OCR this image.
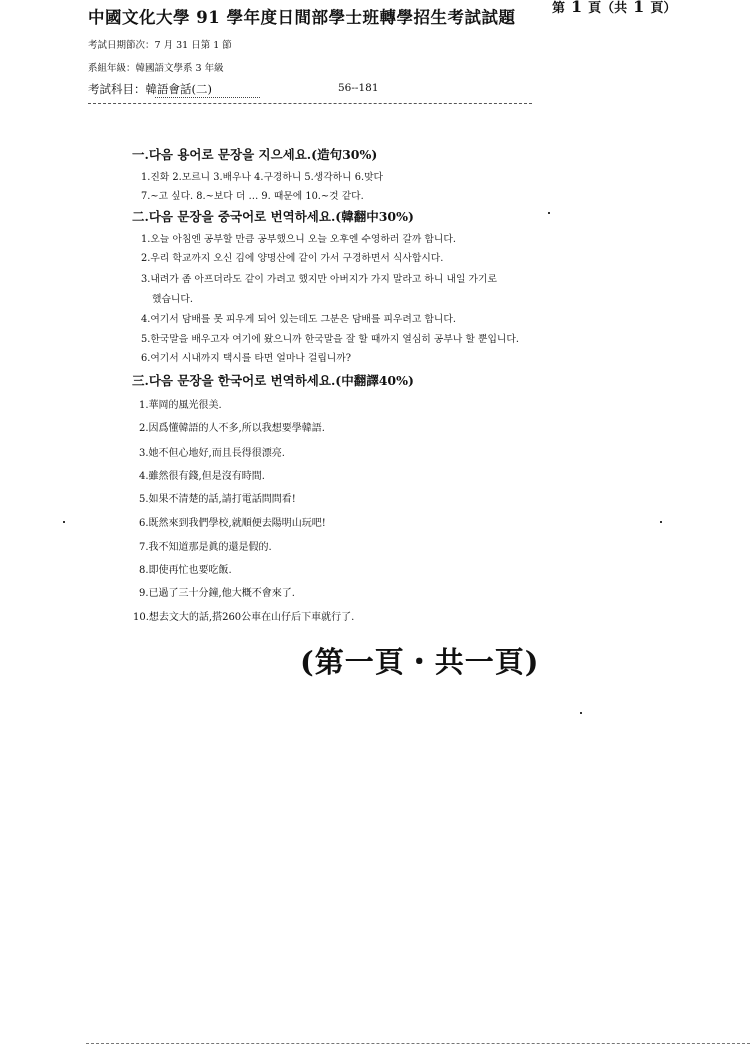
中國文化大學 91 學年度日間部學士班轉學招生考試試題	第 1 頁（共 1 頁）
考試日期節次：7 月 31 日第 1 節
系組年級：韓國語文學系 3 年級
考試科目：韓語會話(二)	56--181
一.다음 용어로 문장을 지으세요.(造句30%)
1.진화 2.모르니 3.배우나 4.구경하니 5.생각하니 6.맞다
7.~고 싶다. 8.~보다 더 … 9. 때문에 10.~것 같다.
二.다음 문장을 중국어로 번역하세요.(韓翻中30%)
1.오늘 아침엔 공부할 만큼 공부했으니 오늘 오후엔 수영하러 갈까 합니다.
2.우리 학교까지 오신 김에 양명산에 같이 가서 구경하면서 식사합시다.
3.내려가 좀 아프더라도 같이 가려고 했지만 아버지가 가지 말라고 하니 내일 가기로
했습니다.
4.여기서 담배를 못 피우게 되어 있는데도 그분은 담배를 피우려고 합니다.
5.한국말을 배우고자 여기에 왔으니까 한국말을 잘 할 때까지 열심히 공부나 할 뿐입니다.
6.여기서 시내까지 택시를 타면 얼마나 걸립니까?
三.다음 문장을 한국어로 번역하세요.(中翻譯40%)
1.華岡的風光很美.
2.因爲懂韓語的人不多,所以我想要學韓語.
3.她不但心地好,而且長得很漂亮.
4.雖然很有錢,但是沒有時間.
5.如果不清楚的話,請打電話問問看!
6.既然來到我們學校,就順便去陽明山玩吧!
7.我不知道那是眞的還是假的.
8.即使再忙也要吃飯.
9.已過了三十分鐘,他大概不會來了.
10.想去文大的話,搭260公車在山仔后下車就行了.
(第一頁・共一頁)
